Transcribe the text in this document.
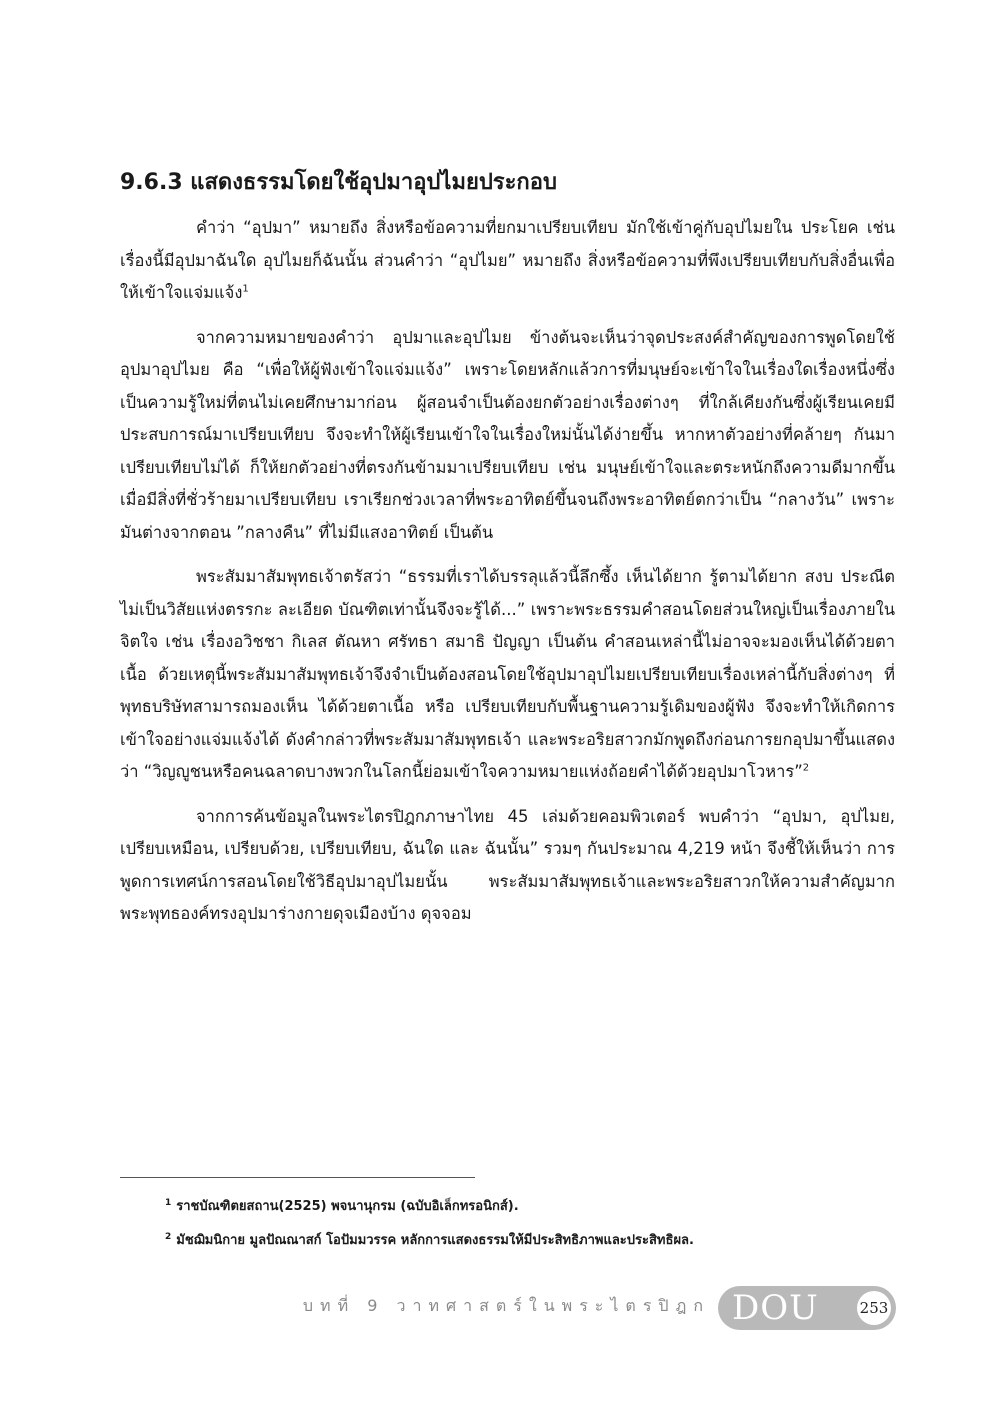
9.6.3 แสดงธรรมโดยใช้อุปมาอุปไมยประกอบ

คำว่า “อุปมา” หมายถึง สิ่งหรือข้อความที่ยกมาเปรียบเทียบ มักใช้เข้าคู่กับอุปไมยใน ประโยค เช่น เรื่องนี้มีอุปมาฉันใด อุปไมยก็ฉันนั้น ส่วนคำว่า “อุปไมย” หมายถึง สิ่งหรือข้อความที่พึงเปรียบเทียบกับสิ่งอื่นเพื่อให้เข้าใจแจ่มแจ้ง$^1$

จากความหมายของคำว่า อุปมาและอุปไมย ข้างต้นจะเห็นว่าจุดประสงค์สำคัญของการพูดโดยใช้อุปมาอุปไมย คือ “เพื่อให้ผู้ฟังเข้าใจแจ่มแจ้ง” เพราะโดยหลักแล้วการที่มนุษย์จะเข้าใจในเรื่องใดเรื่องหนึ่งซึ่งเป็นความรู้ใหม่ที่ตนไม่เคยศึกษามาก่อน ผู้สอนจำเป็นต้องยกตัวอย่างเรื่องต่างๆ ที่ใกล้เคียงกันซึ่งผู้เรียนเคยมีประสบการณ์มาเปรียบเทียบ จึงจะทำให้ผู้เรียนเข้าใจในเรื่องใหม่นั้นได้ง่ายขึ้น หากหาตัวอย่างที่คล้ายๆ กันมาเปรียบเทียบไม่ได้ ก็ให้ยกตัวอย่างที่ตรงกันข้ามมาเปรียบเทียบ เช่น มนุษย์เข้าใจและตระหนักถึงความดีมากขึ้น เมื่อมีสิ่งที่ชั่วร้ายมาเปรียบเทียบ เราเรียกช่วงเวลาที่พระอาทิตย์ขึ้นจนถึงพระอาทิตย์ตกว่าเป็น “กลางวัน” เพราะมันต่างจากตอน ”กลางคืน” ที่ไม่มีแสงอาทิตย์ เป็นต้น

พระสัมมาสัมพุทธเจ้าตรัสว่า “ธรรมที่เราได้บรรลุแล้วนี้ลึกซึ้ง เห็นได้ยาก รู้ตามได้ยาก สงบ ประณีต ไม่เป็นวิสัยแห่งตรรกะ ละเอียด บัณฑิตเท่านั้นจึงจะรู้ได้...” เพราะพระธรรมคำสอนโดยส่วนใหญ่เป็นเรื่องภายในจิตใจ เช่น เรื่องอวิชชา กิเลส ตัณหา ศรัทธา สมาธิ ปัญญา เป็นต้น คำสอนเหล่านี้ไม่อาจจะมองเห็นได้ด้วยตาเนื้อ ด้วยเหตุนี้พระสัมมาสัมพุทธเจ้าจึงจำเป็นต้องสอนโดยใช้อุปมาอุปไมยเปรียบเทียบเรื่องเหล่านี้กับสิ่งต่างๆ ที่พุทธบริษัทสามารถมองเห็น ได้ด้วยตาเนื้อ หรือ เปรียบเทียบกับพื้นฐานความรู้เดิมของผู้ฟัง จึงจะทำให้เกิดการเข้าใจอย่างแจ่มแจ้งได้ ดังคำกล่าวที่พระสัมมาสัมพุทธเจ้า และพระอริยสาวกมักพูดถึงก่อนการยกอุปมาขึ้นแสดงว่า “วิญญูชนหรือคนฉลาดบางพวกในโลกนี้ย่อมเข้าใจความหมายแห่งถ้อยคำได้ด้วยอุปมาโวหาร”$^2$

จากการค้นข้อมูลในพระไตรปิฎกภาษาไทย 45 เล่มด้วยคอมพิวเตอร์ พบคำว่า “อุปมา, อุปไมย, เปรียบเหมือน, เปรียบด้วย, เปรียบเทียบ, ฉันใด และ ฉันนั้น” รวมๆ กันประมาณ 4,219 หน้า จึงชี้ให้เห็นว่า การพูดการเทศน์การสอนโดยใช้วิธีอุปมาอุปไมยนั้น พระสัมมาสัมพุทธเจ้าและพระอริยสาวกให้ความสำคัญมาก พระพุทธองค์ทรงอุปมาร่างกายดุจเมืองบ้าง ดุจจอม

$^1$ ราชบัณฑิตยสถาน(2525) พจนานุกรม (ฉบับอิเล็กทรอนิกส์).

$^2$ มัชฌิมนิกาย มูลปัณณาสก์ โอปัมมวรรค หลักการแสดงธรรมให้มีประสิทธิภาพและประสิทธิผล.

บทที่ 9 วาทศาสตร์ในพระไตรปิฎก DOU	253
